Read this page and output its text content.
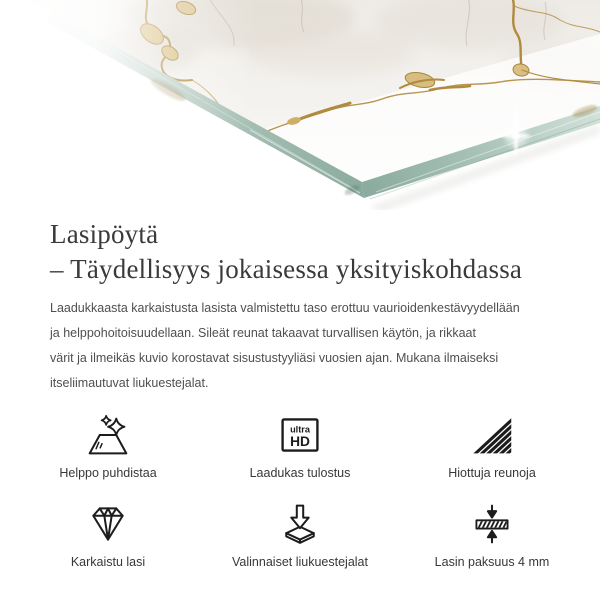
Lasipöytä
– Täydellisyys jokaisessa yksityiskohdassa
Laadukkaasta karkaistusta lasista valmistettu taso erottuu vaurioidenkestävyydellään
ja helppohoitoisuudellaan. Sileät reunat takaavat turvallisen käytön, ja rikkaat
värit ja ilmeikäs kuvio korostavat sisustustyyliäsi vuosien ajan. Mukana ilmaiseksi
itseliimautuvat liukuestejalat.
Helppo puhdistaa
ultra
HD
Laadukas tulostus	Hiottuja reunoja
Karkaistu lasi	Valinnaiset liukuestejalat	Lasin paksuus 4 mm
